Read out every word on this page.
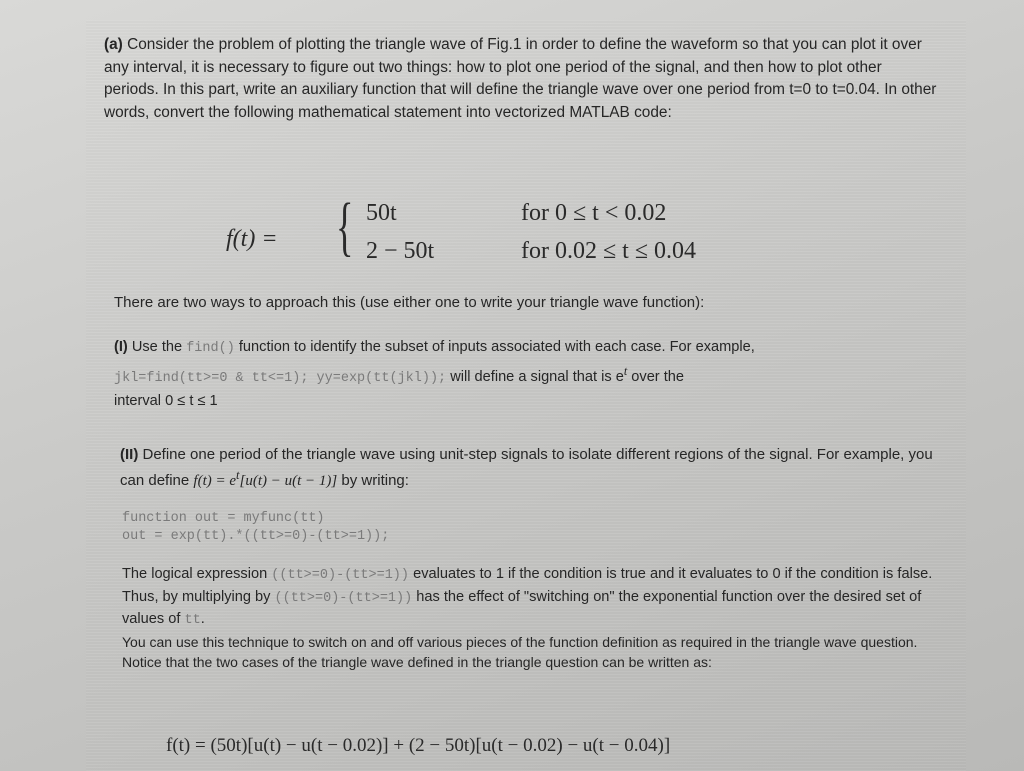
(a) Consider the problem of plotting the triangle wave of Fig.1 in order to define the waveform so that you can plot it over any interval, it is necessary to figure out two things: how to plot one period of the signal, and then how to plot other periods. In this part, write an auxiliary function that will define the triangle wave over one period from t=0 to t=0.04. In other words, convert the following mathematical statement into vectorized MATLAB code:
f(t) = { 50t	for 0 ≤ t < 0.02
2 − 50t	for 0.02 ≤ t ≤ 0.04
There are two ways to approach this (use either one to write your triangle wave function):
(I) Use the find() function to identify the subset of inputs associated with each case. For example,
jkl=find(tt>=0 & tt<=1); yy=exp(tt(jkl)); will define a signal that is $e^t$ over the
interval 0 ≤ t ≤ 1
(II) Define one period of the triangle wave using unit-step signals to isolate different regions of the signal. For example, you can define $f(t) = e^t[u(t) - u(t - 1)]$ by writing:
function out = myfunc(tt)
out = exp(tt).*((tt>=0)-(tt>=1));
The logical expression ((tt>=0)-(tt>=1)) evaluates to 1 if the condition is true and it evaluates to 0 if the condition is false. Thus, by multiplying by ((tt>=0)-(tt>=1)) has the effect of "switching on" the exponential function over the desired set of values of tt.
You can use this technique to switch on and off various pieces of the function definition as required in the triangle wave question. Notice that the two cases of the triangle wave defined in the triangle question can be written as:
f(t) = (50t)[u(t) − u(t − 0.02)] + (2 − 50t)[u(t − 0.02) − u(t − 0.04)]
